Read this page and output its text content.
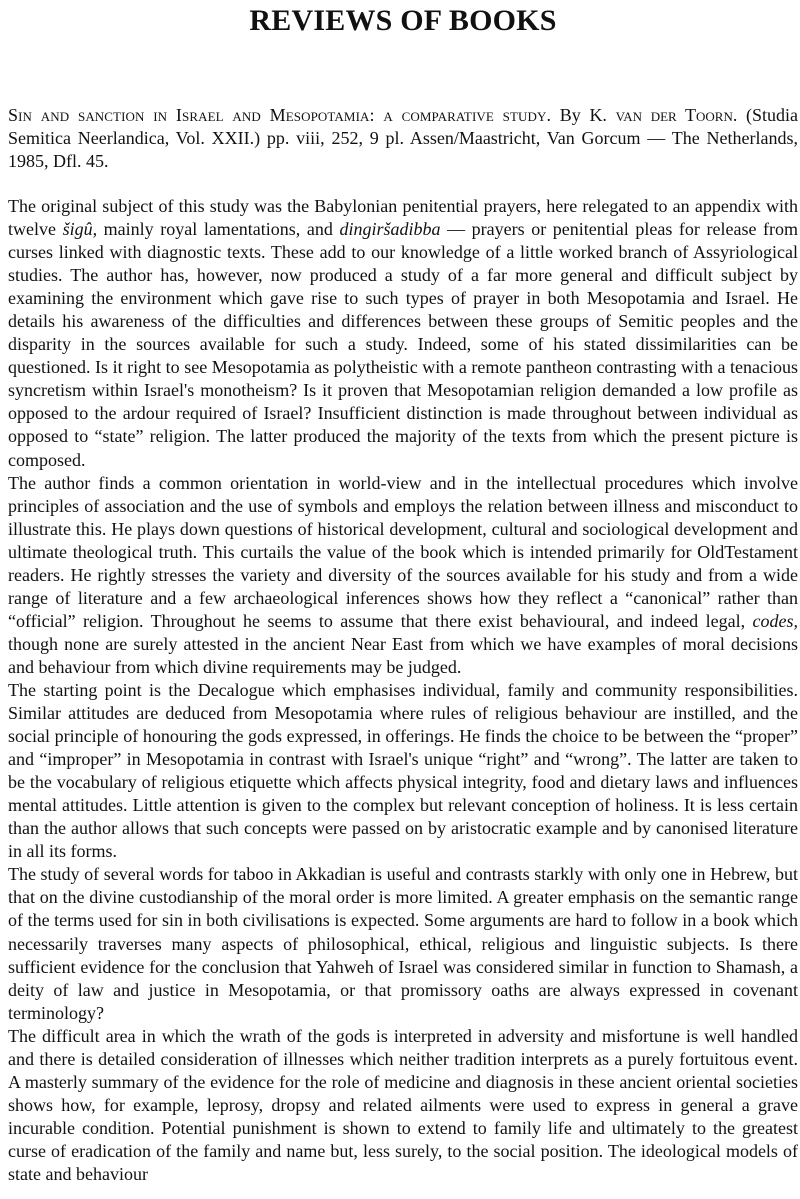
REVIEWS OF BOOKS

Sin and sanction in Israel and Mesopotamia: a comparative study. By K. van der Toorn. (Studia Semitica Neerlandica, Vol. XXII.) pp. viii, 252, 9 pl. Assen/Maastricht, Van Gorcum — The Netherlands, 1985, Dfl. 45.

The original subject of this study was the Babylonian penitential prayers, here relegated to an appendix with twelve šigû, mainly royal lamentations, and dingiršadibba — prayers or penitential pleas for release from curses linked with diagnostic texts. These add to our knowledge of a little worked branch of Assyriological studies. The author has, however, now produced a study of a far more general and difficult subject by examining the environment which gave rise to such types of prayer in both Mesopotamia and Israel. He details his awareness of the difficulties and differences between these groups of Semitic peoples and the disparity in the sources available for such a study. Indeed, some of his stated dissimilarities can be questioned. Is it right to see Mesopotamia as polytheistic with a remote pantheon contrasting with a tenacious syncretism within Israel's monotheism? Is it proven that Mesopotamian religion demanded a low profile as opposed to the ardour required of Israel? Insufficient distinction is made throughout between individual as opposed to “state” religion. The latter produced the majority of the texts from which the present picture is composed.

The author finds a common orientation in world-view and in the intellectual procedures which involve principles of association and the use of symbols and employs the relation between illness and misconduct to illustrate this. He plays down questions of historical development, cultural and sociological development and ultimate theological truth. This curtails the value of the book which is intended primarily for OldTestament readers. He rightly stresses the variety and diversity of the sources available for his study and from a wide range of literature and a few archaeological inferences shows how they reflect a “canonical” rather than “official” religion. Throughout he seems to assume that there exist behavioural, and indeed legal, codes, though none are surely attested in the ancient Near East from which we have examples of moral decisions and behaviour from which divine requirements may be judged.

The starting point is the Decalogue which emphasises individual, family and community responsibilities. Similar attitudes are deduced from Mesopotamia where rules of religious behaviour are instilled, and the social principle of honouring the gods expressed, in offerings. He finds the choice to be between the “proper” and “improper” in Mesopotamia in contrast with Israel's unique “right” and “wrong”. The latter are taken to be the vocabulary of religious etiquette which affects physical integrity, food and dietary laws and influences mental attitudes. Little attention is given to the complex but relevant conception of holiness. It is less certain than the author allows that such concepts were passed on by aristocratic example and by canonised literature in all its forms.

The study of several words for taboo in Akkadian is useful and contrasts starkly with only one in Hebrew, but that on the divine custodianship of the moral order is more limited. A greater emphasis on the semantic range of the terms used for sin in both civilisations is expected. Some arguments are hard to follow in a book which necessarily traverses many aspects of philosophical, ethical, religious and linguistic subjects. Is there sufficient evidence for the conclusion that Yahweh of Israel was considered similar in function to Shamash, a deity of law and justice in Mesopotamia, or that promissory oaths are always expressed in covenant terminology?

The difficult area in which the wrath of the gods is interpreted in adversity and misfortune is well handled and there is detailed consideration of illnesses which neither tradition interprets as a purely fortuitous event. A masterly summary of the evidence for the role of medicine and diagnosis in these ancient oriental societies shows how, for example, leprosy, dropsy and related ailments were used to express in general a grave incurable condition. Potential punishment is shown to extend to family life and ultimately to the greatest curse of eradication of the family and name but, less surely, to the social position. The ideological models of state and behaviour
